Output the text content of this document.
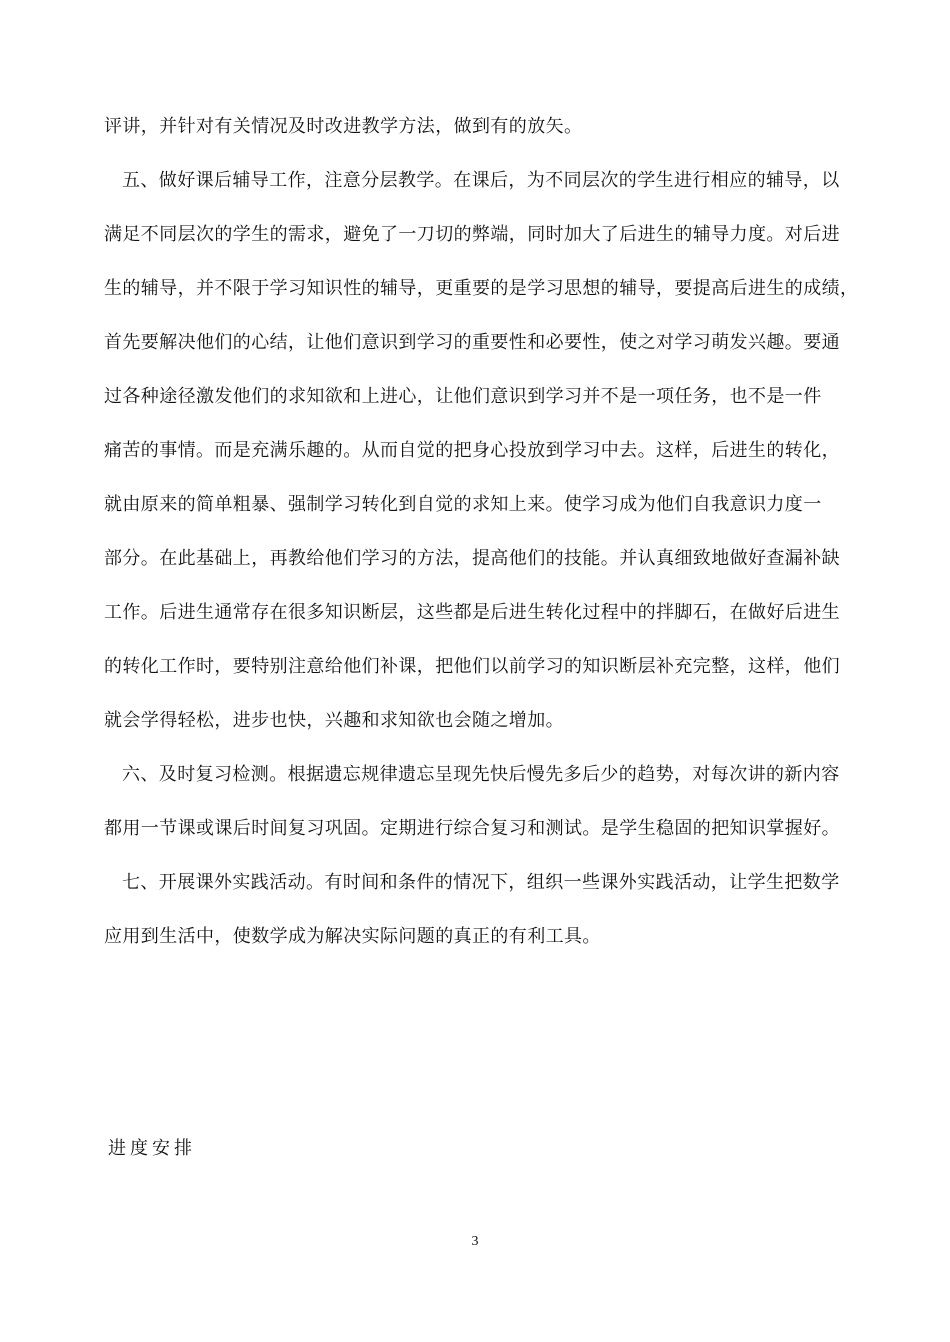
评讲，并针对有关情况及时改进教学方法，做到有的放矢。
五、做好课后辅导工作，注意分层教学。在课后，为不同层次的学生进行相应的辅导，以
满足不同层次的学生的需求，避免了一刀切的弊端，同时加大了后进生的辅导力度。对后进
生的辅导，并不限于学习知识性的辅导，更重要的是学习思想的辅导，要提高后进生的成绩，
首先要解决他们的心结，让他们意识到学习的重要性和必要性，使之对学习萌发兴趣。要通
过各种途径激发他们的求知欲和上进心，让他们意识到学习并不是一项任务，也不是一件
痛苦的事情。而是充满乐趣的。从而自觉的把身心投放到学习中去。这样，后进生的转化，
就由原来的简单粗暴、强制学习转化到自觉的求知上来。使学习成为他们自我意识力度一
部分。在此基础上，再教给他们学习的方法，提高他们的技能。并认真细致地做好查漏补缺
工作。后进生通常存在很多知识断层，这些都是后进生转化过程中的拌脚石，在做好后进生
的转化工作时，要特别注意给他们补课，把他们以前学习的知识断层补充完整，这样，他们
就会学得轻松，进步也快，兴趣和求知欲也会随之增加。
六、及时复习检测。根据遗忘规律遗忘呈现先快后慢先多后少的趋势，对每次讲的新内容
都用一节课或课后时间复习巩固。定期进行综合复习和测试。是学生稳固的把知识掌握好。
七、开展课外实践活动。有时间和条件的情况下，组织一些课外实践活动，让学生把数学
应用到生活中，使数学成为解决实际问题的真正的有利工具。
进度安排
3
